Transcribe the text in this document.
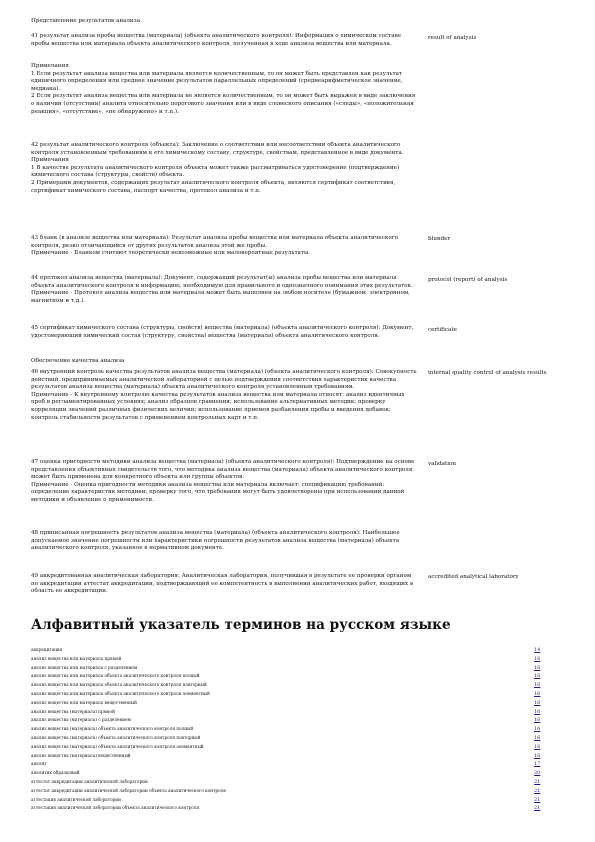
Представление результатов анализа

41 результат анализа пробы вещества (материала) (объекта аналитического контроля): Информация о химическом составе пробы вещества или материала объекта аналитического контроля, полученная в ходе анализа вещества или материала.

result of analysis

Примечания
1 Если результат анализа вещества или материала является количественным, то он может быть представлен как результат единичного определения или среднее значение результатов параллельных определений (среднеарифметическое значение, медиана).
2 Если результат анализа вещества или материала не является количественным, то он может быть выражен в виде заключения о наличии (отсутствии) аналита относительно порогового значения или в виде словесного описания («следы», «положительная реакция», «отсутствие», «не обнаружено» и т.п.).

42 результат аналитического контроля (объекта): Заключение о соответствии или несоответствии объекта аналитического контроля установленным требованиям к его химическому составу, структуре, свойствам, представленное в виде документа.
Примечания
1 В качестве результата аналитического контроля объекта может также рассматриваться удостоверение (подтверждение) химического состава (структуры, свойств) объекта.
2 Примерами документов, содержащих результат аналитического контроля объекта, являются сертификат соответствия, сертификат химического состава, паспорт качества, протокол анализа и т.п.

43 бланк (в анализе вещества или материала): Результат анализа пробы вещества или материала объекта аналитического контроля, резко отличающийся от других результатов анализа этой же пробы.
Примечание - Бланком считают теоретически невозможные или маловероятные результаты.

blunder

44 протокол анализа вещества (материала): Документ, содержащий результат(ы) анализа пробы вещества или материала объекта аналитического контроля и информацию, необходимую для правильного и однозначного понимания этих результатов.
Примечание - Протокол анализа вещества или материала может быть выполнен на любом носителе (бумажном, электронном, магнитном и т.д.).

protocol (report) of analysis

45 сертификат химического состава (структуры, свойств) вещества (материала) (объекта аналитического контроля): Документ, удостоверяющий химический состав (структуру, свойства) вещества (материала) объекта аналитического контроля.

certificate

Обеспечение качества анализа

46 внутренний контроль качества результатов анализа вещества (материала) (объекта аналитического контроля): Совокупность действий, предпринимаемых аналитической лабораторией с целью подтверждения соответствия характеристик качества результатов анализа вещества (материала) объекта аналитического контроля установленным требованиям.
Примечание - К внутреннему контролю качества результатов анализа вещества или материала относят: анализ идентичных проб в регламентированных условиях; анализ образцов сравнения; использование альтернативных методик; проверку корреляции значений различных физических величин; использование приемов разбавления пробы и введения добавок; контроль стабильности результатов с применением контрольных карт и т.п.

internal quality control of analysis results

47 оценка пригодности методики анализа вещества (материала) (объекта аналитического контроля): Подтверждение на основе представления объективных свидетельств того, что методика анализа вещества (материала) объекта аналитического контроля может быть применена для конкретного объекта или группы объектов.
Примечание - Оценка пригодности методики анализа вещества или материала включает: спецификацию требований; определение характеристик методики; проверку того, что требования могут быть удовлетворены при использовании данной методики и объявление о применимости.

validation

48 приписанная погрешность результатов анализа вещества (материала) (объекта аналитического контроля): Наибольшее допускаемое значение погрешности или характеристики погрешности результатов анализа вещества (материала) объекта аналитического контроля, указанное в нормативном документе.

49 аккредитованная аналитическая лаборатория: Аналитическая лаборатория, получившая в результате ее проверки органом по аккредитации аттестат аккредитации, подтверждающий ее компетентность в выполнении аналитических работ, входящих в область ее аккредитации.

accredited analytical laboratory
Алфавитный указатель терминов на русском языке
аккредитация	14
анализ вещества или материала прямой	16
анализ вещества или материала с разделением	16
анализ вещества или материала объекта аналитического контроля полный	16
анализ вещества или материала объекта аналитического контроля повторный	16
анализ вещества или материала объекта аналитического контроля элементный	16
анализ вещества или материала вещественный	16
анализ вещества (материала) прямой	16
анализ вещества (материала) с разделением	16
анализ вещества (материала) объекта аналитического контроля полный	16
анализ вещества (материала) объекта аналитического контроля повторный	16
анализ вещества (материала) объекта аналитического контроля элементный	16
анализ вещества (материала) вещественный	16
аналит	17
аналитик образцовый	20
аттестат аккредитации аналитической лаборатории	21
аттестат аккредитации аналитической лаборатории объекта аналитического контроля	21
аттестация аналитической лаборатории	21
аттестация аналитической лаборатории объекта аналитического контроля	21
